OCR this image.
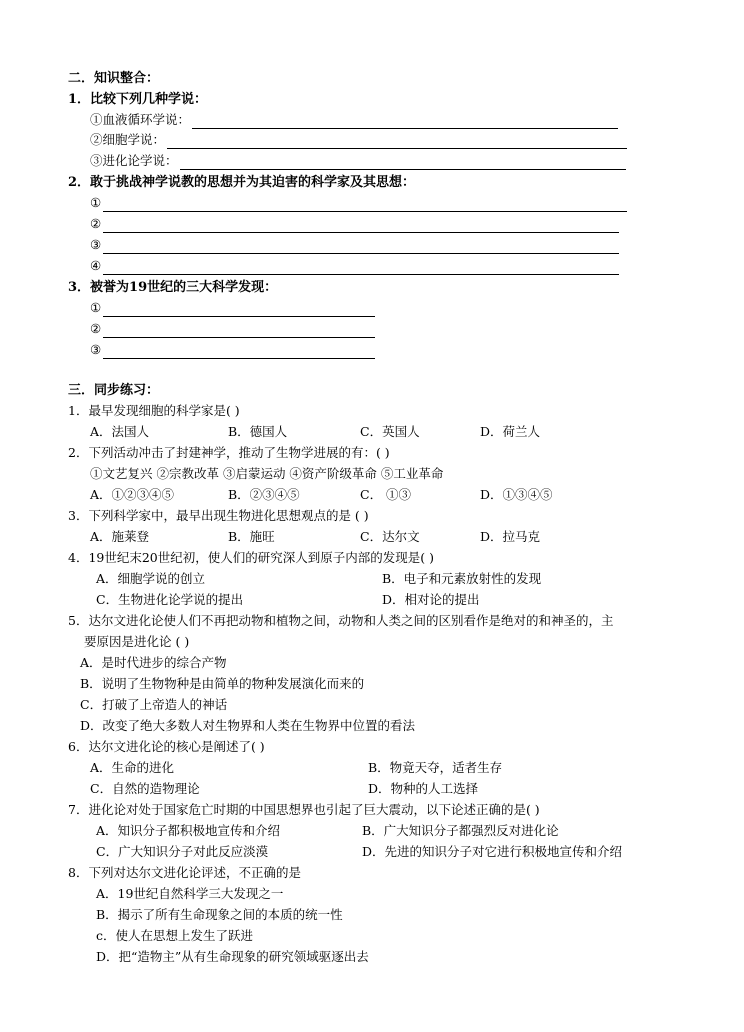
二．知识整合：
1．比较下列几种学说：
①血液循环学说：
②细胞学说：
③进化论学说：
2．敢于挑战神学说教的思想并为其迫害的科学家及其思想：
①
②
③
④
3．被誉为19世纪的三大科学发现：
①
②
③
三．同步练习：
1．最早发现细胞的科学家是( )
A．法国人	B．德国人	C．英国人	D．荷兰人
2．下列活动冲击了封建神学，推动了生物学进展的有：( )
①文艺复兴 ②宗教改革 ③启蒙运动 ④资产阶级革命 ⑤工业革命
A．①②③④⑤	B．②③④⑤	C． ①③	D．①③④⑤
3．下列科学家中，最早出现生物进化思想观点的是 ( )
A．施莱登	B．施旺	C．达尔文	D．拉马克
4．19世纪末20世纪初，使人们的研究深人到原子内部的发现是( )
A．细胞学说的创立	B．电子和元素放射性的发现
C．生物进化论学说的提出	D．相对论的提出
5．达尔文进化论使人们不再把动物和植物之间，动物和人类之间的区别看作是绝对的和神圣的，主
要原因是进化论 ( )
A．是时代进步的综合产物
B．说明了生物物种是由简单的物种发展演化而来的
C．打破了上帝造人的神话
D．改变了绝大多数人对生物界和人类在生物界中位置的看法
6．达尔文进化论的核心是阐述了( )
A．生命的进化	B．物竟天夺，适者生存
C．自然的造物理论	D．物种的人工选择
7．进化论对处于国家危亡时期的中国思想界也引起了巨大震动，以下论述正确的是( )
A．知识分子都积极地宣传和介绍	B．广大知识分子都强烈反对进化论
C．广大知识分子对此反应淡漠	D．先进的知识分子对它进行积极地宣传和介绍
8．下列对达尔文进化论评述，不正确的是
A．19世纪自然科学三大发现之一
B．揭示了所有生命现象之间的本质的统一性
c．使人在思想上发生了跃进
D．把“造物主”从有生命现象的研究领域驱逐出去
